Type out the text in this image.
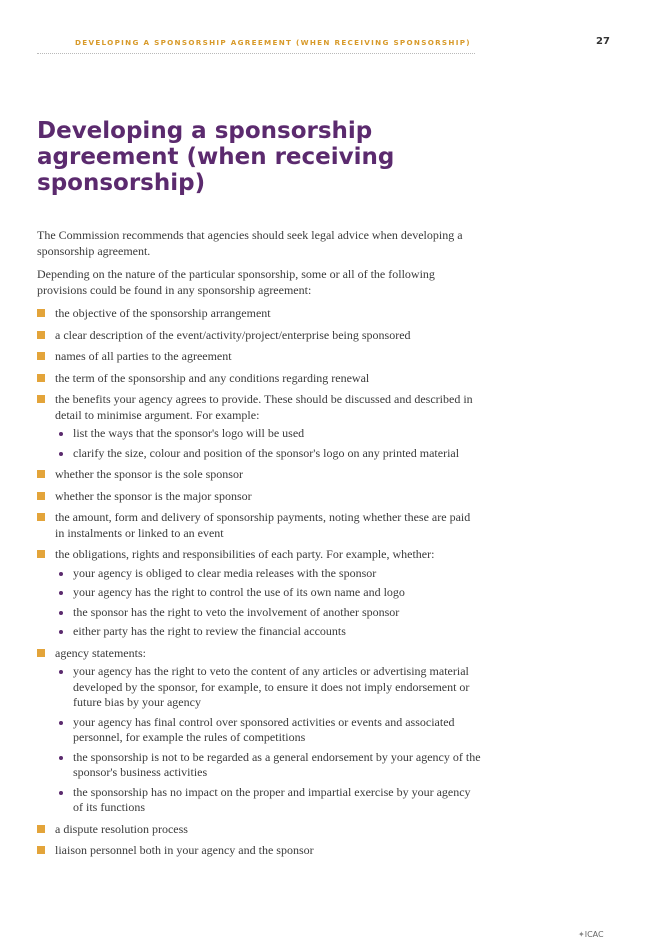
DEVELOPING A SPONSORSHIP AGREEMENT (WHEN RECEIVING SPONSORSHIP)	27
Developing a sponsorship agreement (when receiving sponsorship)

The Commission recommends that agencies should seek legal advice when developing a sponsorship agreement.

Depending on the nature of the particular sponsorship, some or all of the following provisions could be found in any sponsorship agreement:

the objective of the sponsorship arrangement
a clear description of the event/activity/project/enterprise being sponsored
names of all parties to the agreement
the term of the sponsorship and any conditions regarding renewal
the benefits your agency agrees to provide. These should be discussed and described in detail to minimise argument. For example:
list the ways that the sponsor's logo will be used
clarify the size, colour and position of the sponsor's logo on any printed material
whether the sponsor is the sole sponsor
whether the sponsor is the major sponsor
the amount, form and delivery of sponsorship payments, noting whether these are paid in instalments or linked to an event
the obligations, rights and responsibilities of each party. For example, whether:
your agency is obliged to clear media releases with the sponsor
your agency has the right to control the use of its own name and logo
the sponsor has the right to veto the involvement of another sponsor
either party has the right to review the financial accounts
agency statements:
your agency has the right to veto the content of any articles or advertising material developed by the sponsor, for example, to ensure it does not imply endorsement or future bias by your agency
your agency has final control over sponsored activities or events and associated personnel, for example the rules of competitions
the sponsorship is not to be regarded as a general endorsement by your agency of the sponsor's business activities
the sponsorship has no impact on the proper and impartial exercise by your agency of its functions
a dispute resolution process
liaison personnel both in your agency and the sponsor
✦ICAC
